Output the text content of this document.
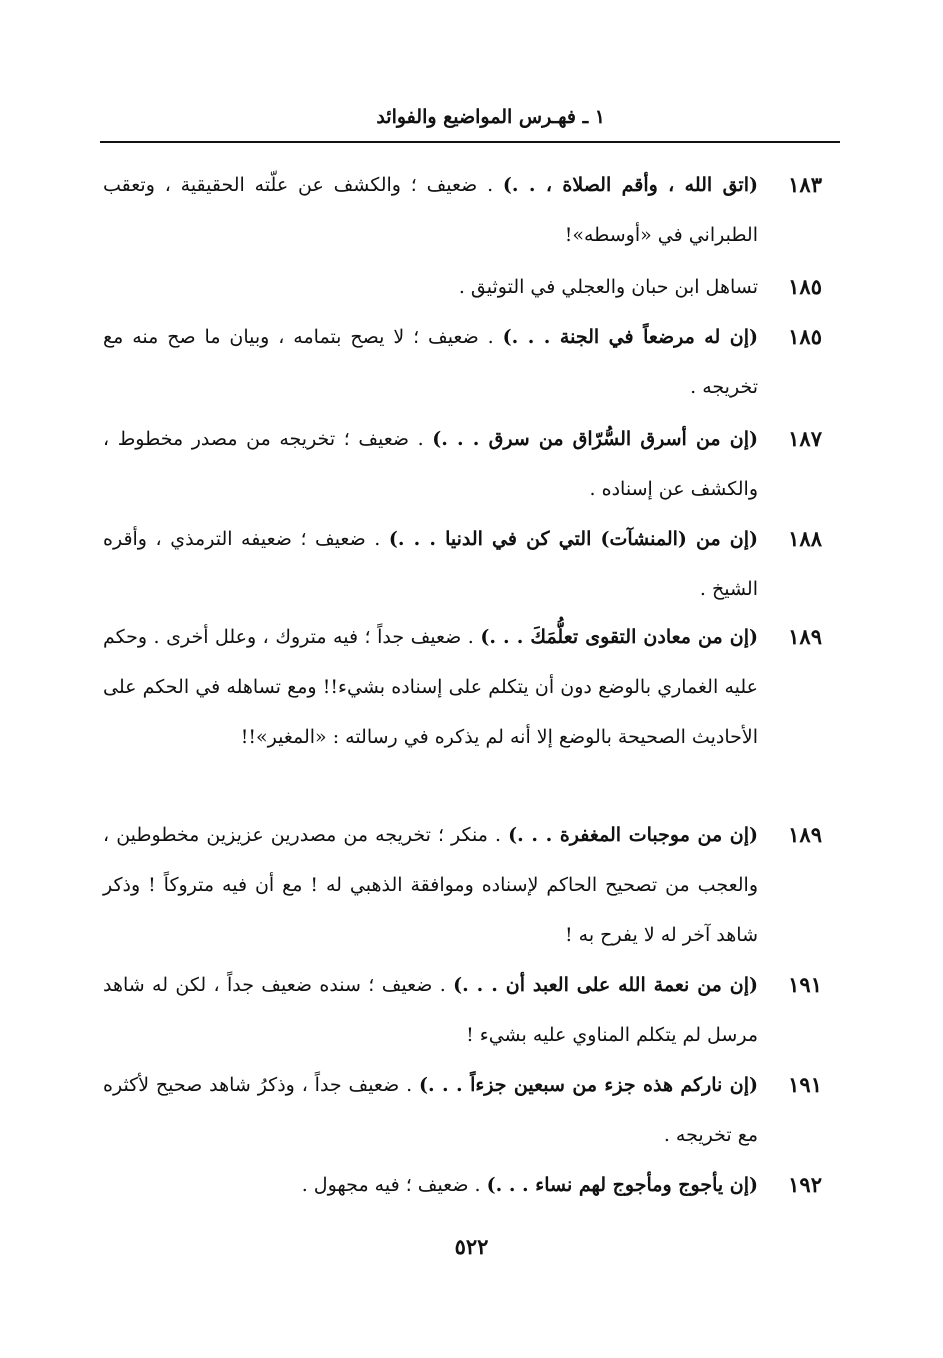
١ ـ فهـرس المواضيع والفوائد
١٨٣
(اتق الله ، وأقم الصلاة ، . .) . ضعيف ؛ والكشف عن علّته الحقيقية ، وتعقب الطبراني في «أوسطه»!
١٨٥
تساهل ابن حبان والعجلي في التوثيق .
١٨٥
(إن له مرضعاً في الجنة . . .) . ضعيف ؛ لا يصح بتمامه ، وبيان ما صح منه مع تخريجه .
١٨٧
(إن من أسرق السُّرّاق من سرق . . .) . ضعيف ؛ تخريجه من مصدر مخطوط ، والكشف عن إسناده .
١٨٨
(إن من (المنشآت) التي كن في الدنيا . . .) . ضعيف ؛ ضعيفه الترمذي ، وأقره الشيخ .
١٨٩
(إن من معادن التقوى تعلُّمَكَ . . .) . ضعيف جداً ؛ فيه متروك ، وعلل أخرى . وحكم عليه الغماري بالوضع دون أن يتكلم على إسناده بشيء!! ومع تساهله في الحكم على الأحاديث الصحيحة بالوضع إلا أنه لم يذكره في رسالته : «المغير»!!
١٨٩
(إن من موجبات المغفرة . . .) . منكر ؛ تخريجه من مصدرين عزيزين مخطوطين ، والعجب من تصحيح الحاكم لإسناده وموافقة الذهبي له ! مع أن فيه متروكاً ! وذكر شاهد آخر له لا يفرح به !
١٩١
(إن من نعمة الله على العبد أن . . .) . ضعيف ؛ سنده ضعيف جداً ، لكن له شاهد مرسل لم يتكلم المناوي عليه بشيء !
١٩١
(إن ناركم هذه جزء من سبعين جزءاً . . .) . ضعيف جداً ، وذكرُ شاهد صحيح لأكثره مع تخريجه .
١٩٢
(إن يأجوج ومأجوج لهم نساء . . .) . ضعيف ؛ فيه مجهول .
٥٢٢
